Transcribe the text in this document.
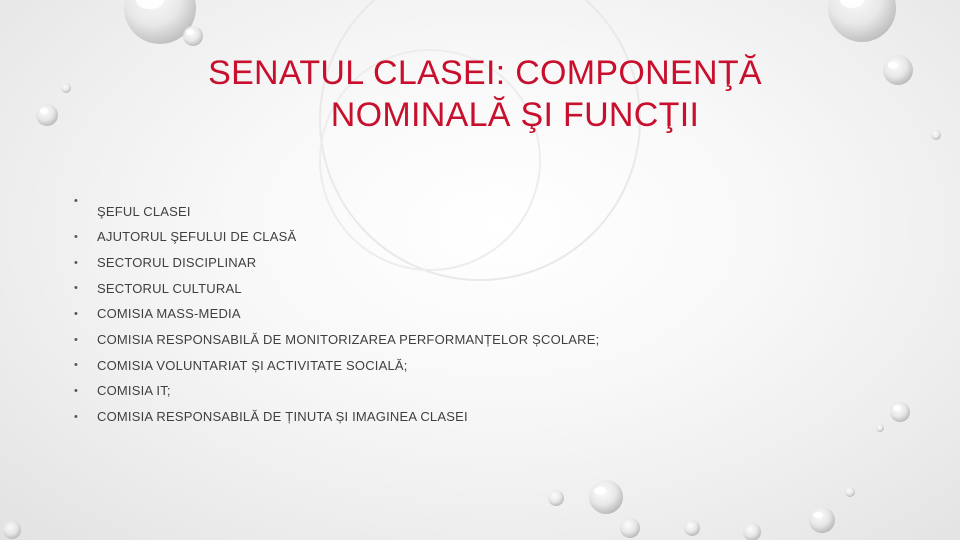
SENATUL CLASEI: COMPONENŢĂ
NOMINALĂ ŞI FUNCŢII
•
ŞEFUL CLASEI
• AJUTORUL ŞEFULUI DE CLASĂ
• SECTORUL DISCIPLINAR
• SECTORUL CULTURAL
• COMISIA MASS-MEDIA
• COMISIA RESPONSABILĂ DE MONITORIZAREA PERFORMANȚELOR ȘCOLARE;
• COMISIA VOLUNTARIAT ȘI ACTIVITATE SOCIALĂ;
• COMISIA IT;
• COMISIA RESPONSABILĂ DE ȚINUTA ȘI IMAGINEA CLASEI
